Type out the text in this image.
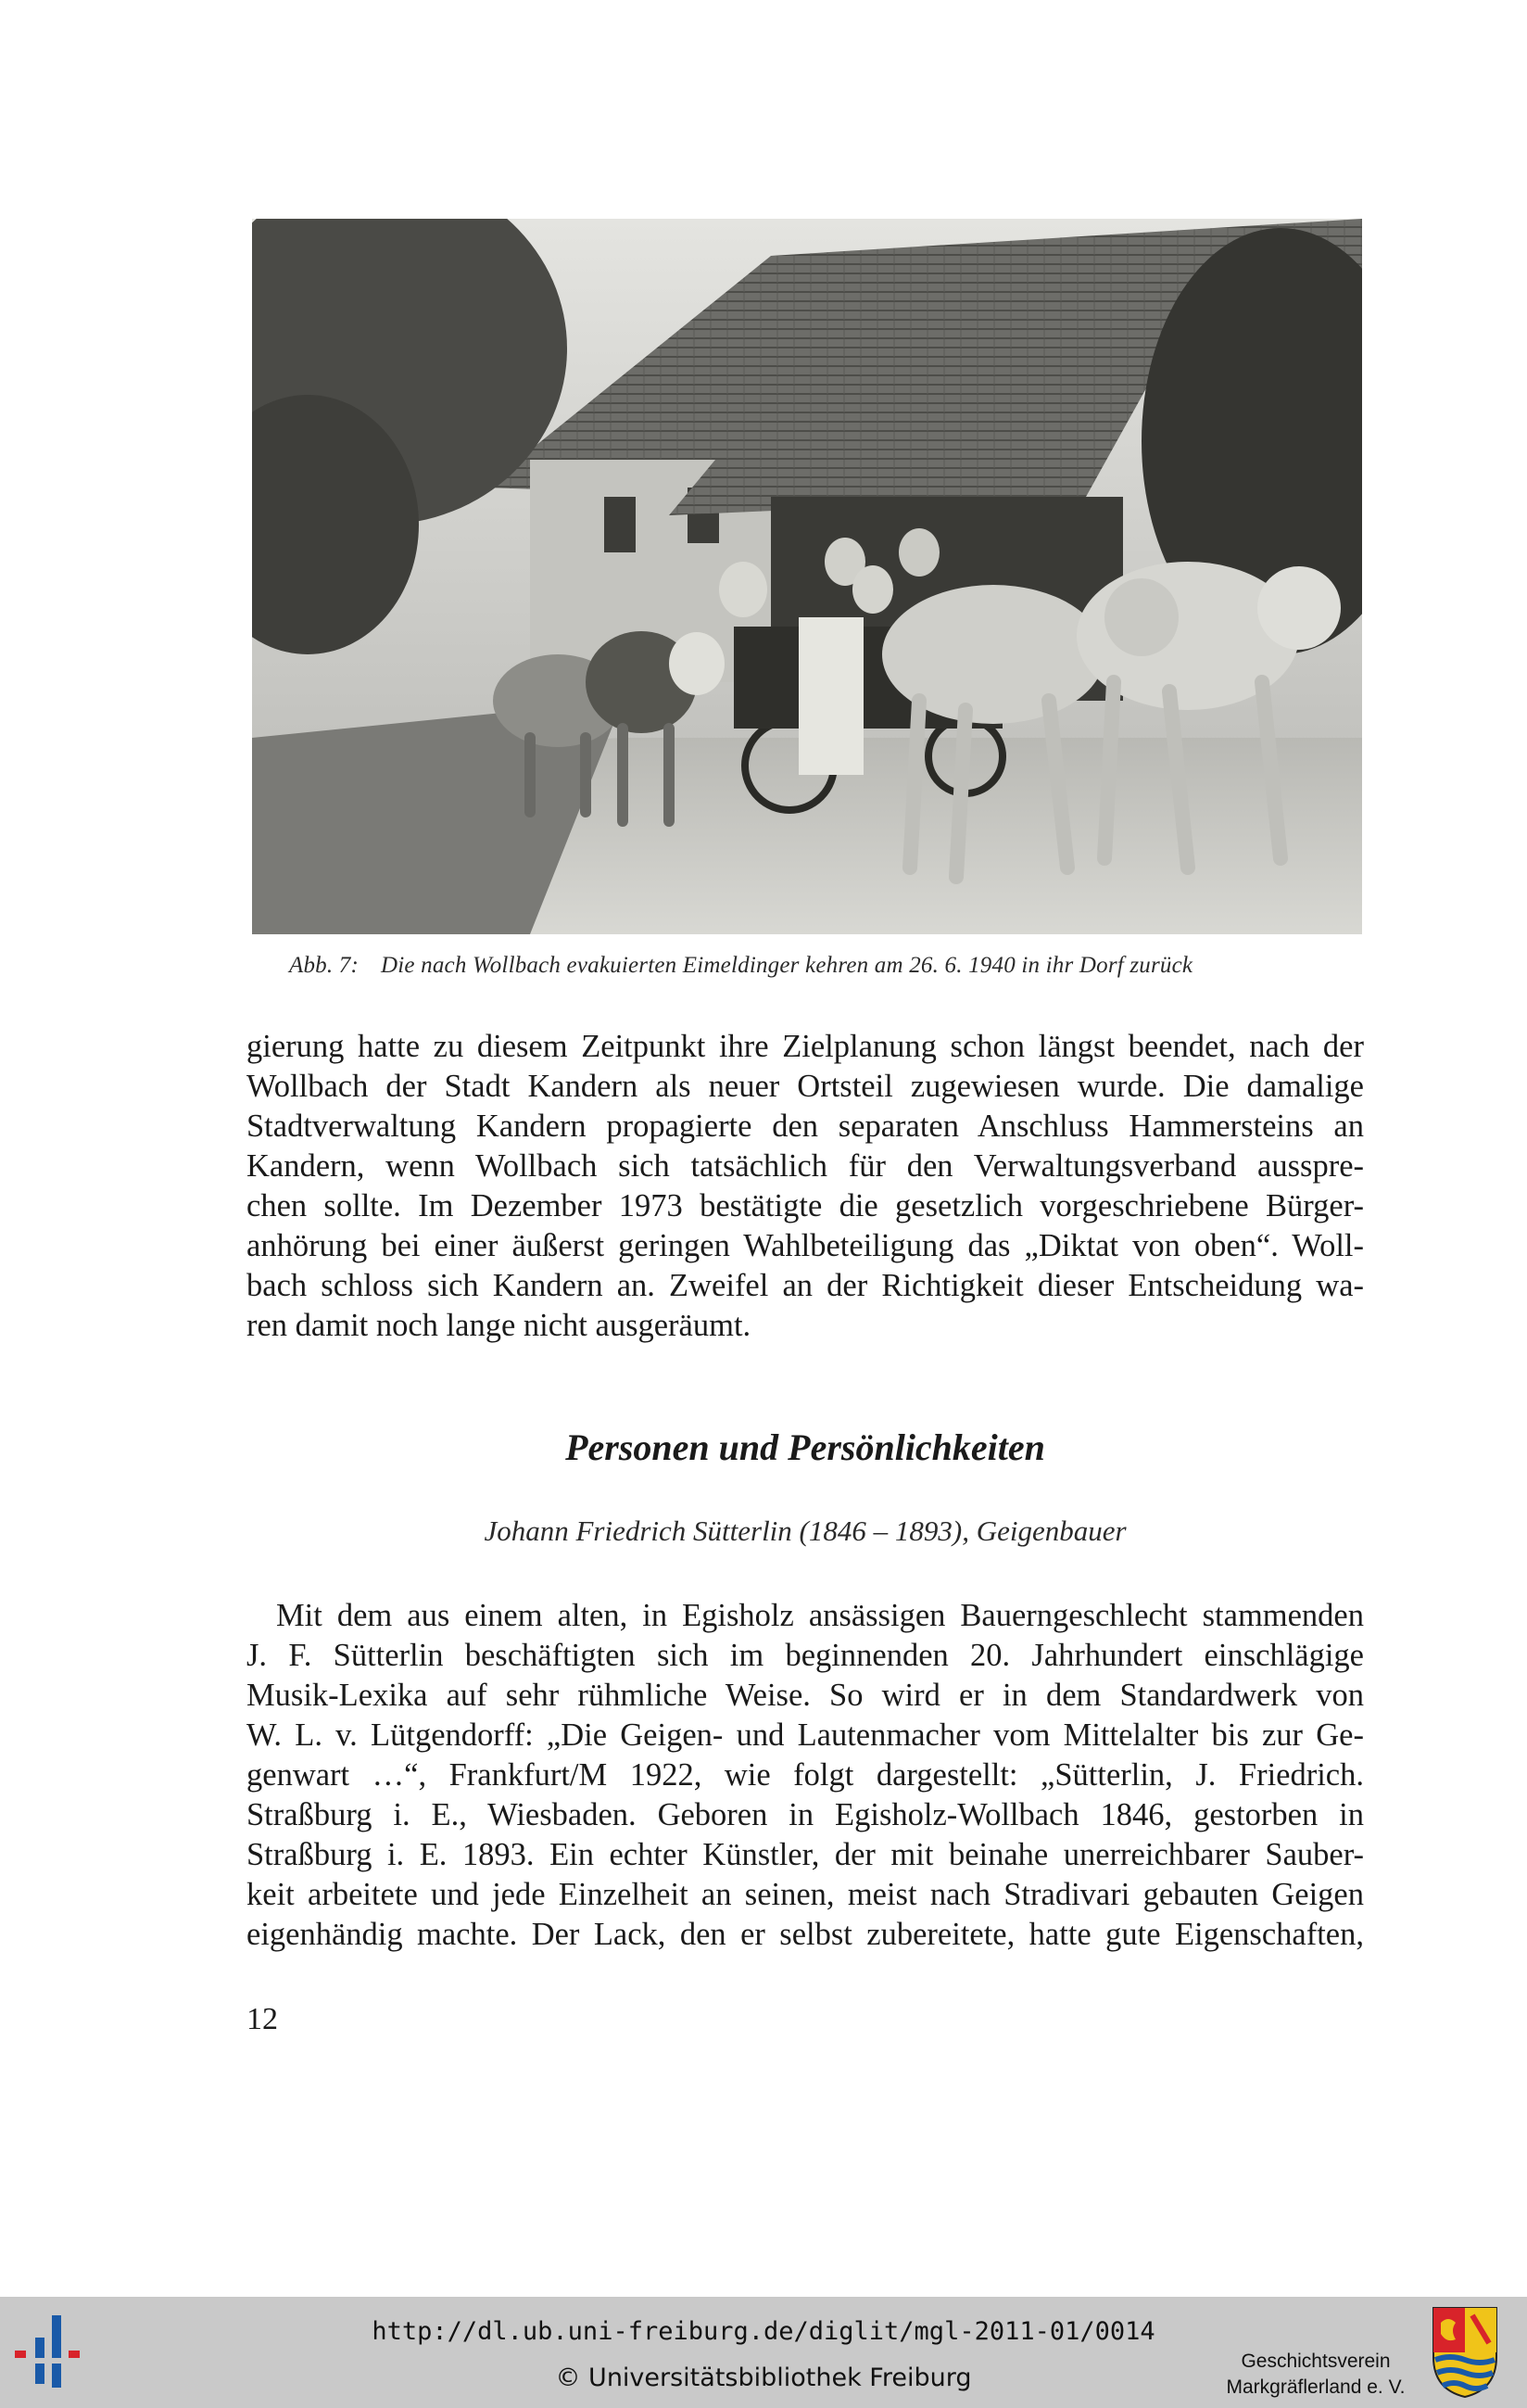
Abb. 7: Die nach Wollbach evakuierten Eimeldinger kehren am 26. 6. 1940 in ihr Dorf zurück
gierung hatte zu diesem Zeitpunkt ihre Zielplanung schon längst beendet, nach der
Wollbach der Stadt Kandern als neuer Ortsteil zugewiesen wurde. Die damalige
Stadtverwaltung Kandern propagierte den separaten Anschluss Hammersteins an
Kandern, wenn Wollbach sich tatsächlich für den Verwaltungsverband ausspre-
chen sollte. Im Dezember 1973 bestätigte die gesetzlich vorgeschriebene Bürger-
anhörung bei einer äußerst geringen Wahlbeteiligung das „Diktat von oben“. Woll-
bach schloss sich Kandern an. Zweifel an der Richtigkeit dieser Entscheidung wa-
ren damit noch lange nicht ausgeräumt.
Personen und Persönlichkeiten
Johann Friedrich Sütterlin (1846 – 1893), Geigenbauer
Mit dem aus einem alten, in Egisholz ansässigen Bauerngeschlecht stammenden
J. F. Sütterlin beschäftigten sich im beginnenden 20. Jahrhundert einschlägige
Musik-Lexika auf sehr rühmliche Weise. So wird er in dem Standardwerk von
W. L. v. Lütgendorff: „Die Geigen- und Lautenmacher vom Mittelalter bis zur Ge-
genwart …“, Frankfurt/M 1922, wie folgt dargestellt: „Sütterlin, J. Friedrich.
Straßburg i. E., Wiesbaden. Geboren in Egisholz-Wollbach 1846, gestorben in
Straßburg i. E. 1893. Ein echter Künstler, der mit beinahe unerreichbarer Sauber-
keit arbeitete und jede Einzelheit an seinen, meist nach Stradivari gebauten Geigen
eigenhändig machte. Der Lack, den er selbst zubereitete, hatte gute Eigenschaften,
12
http://dl.ub.uni-freiburg.de/diglit/mgl-2011-01/0014
© Universitätsbibliothek Freiburg
Geschichtsverein
Markgräflerland e. V.
